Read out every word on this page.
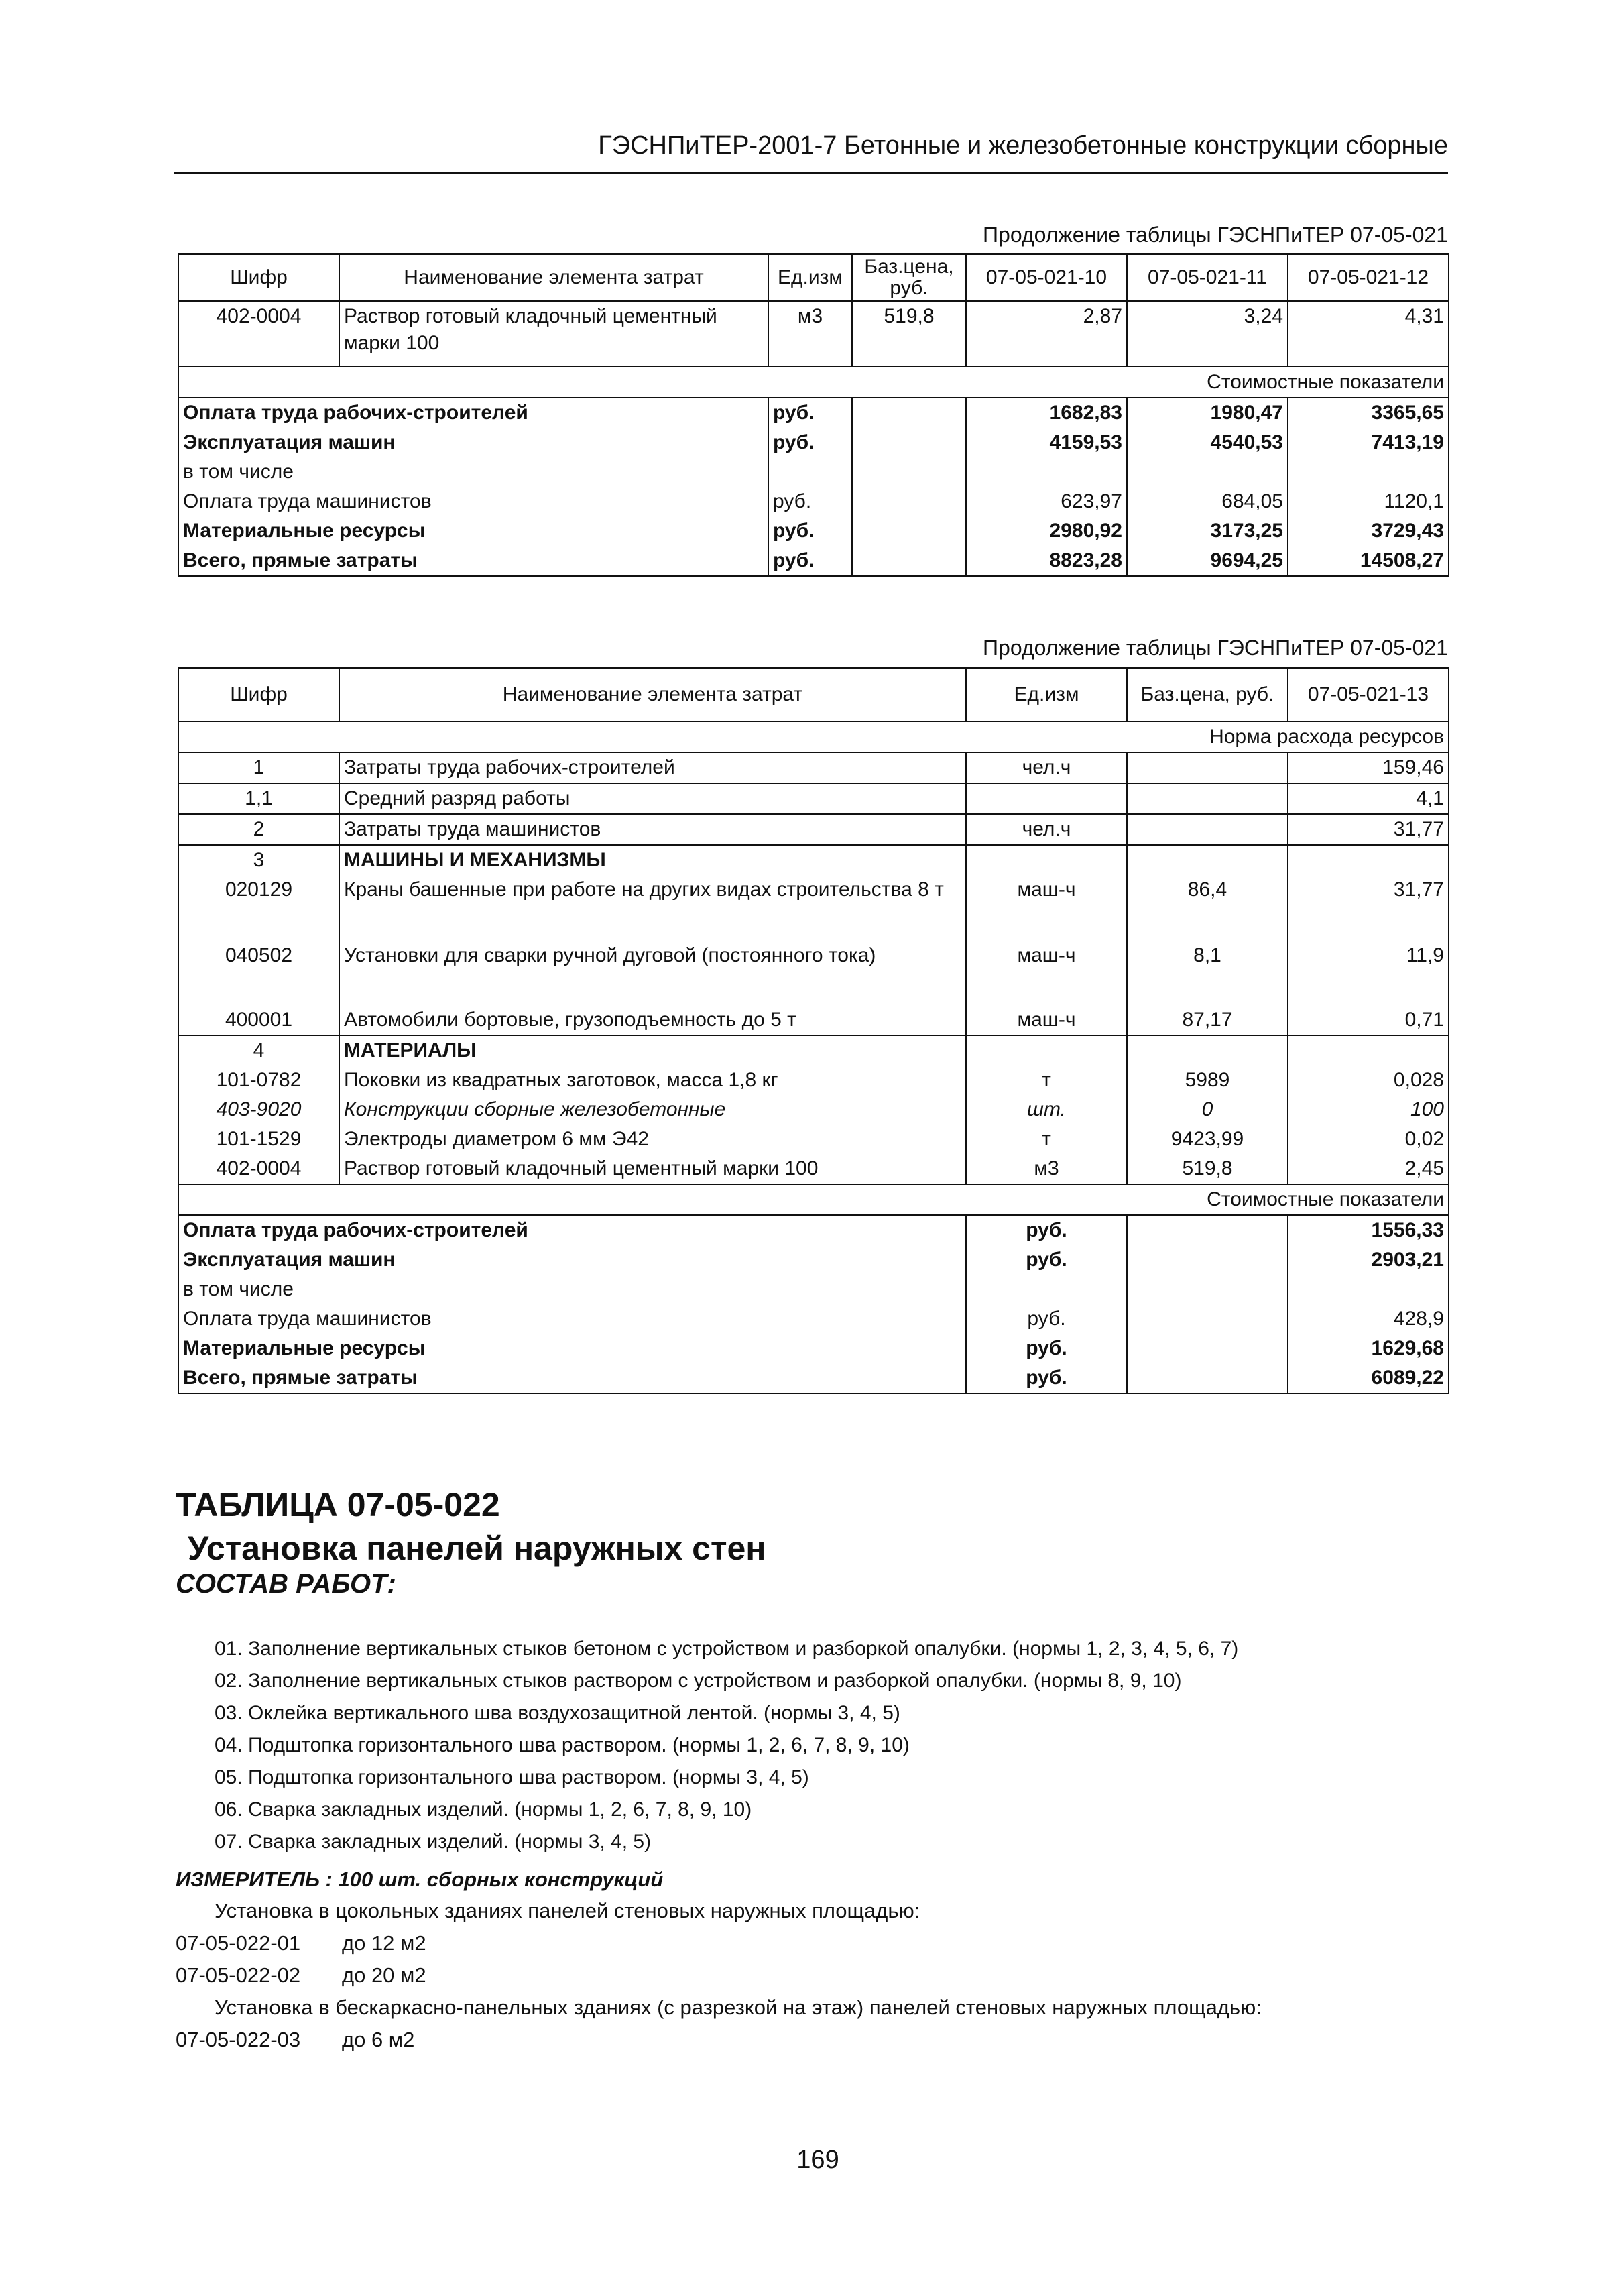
ГЭСНПиТЕР-2001-7 Бетонные и железобетонные конструкции сборные
Продолжение таблицы ГЭСНПиТЕР 07-05-021
Шифр	Наименование элемента затрат	Ед.изм	Баз.цена, руб.	07-05-021-10	07-05-021-11	07-05-021-12
402-0004	Раствор готовый кладочный цементный марки 100	м3	519,8	2,87	3,24	4,31
Стоимостные показатели						
Оплата труда рабочих-строителей		руб.		1682,83	1980,47	3365,65
Эксплуатация машин		руб.		4159,53	4540,53	7413,19
в том числе						
Оплата труда машинистов		руб.		623,97	684,05	1120,1
Материальные ресурсы		руб.		2980,92	3173,25	3729,43
Всего, прямые затраты		руб.		8823,28	9694,25	14508,27
Продолжение таблицы ГЭСНПиТЕР 07-05-021
Шифр	Наименование элемента затрат	Ед.изм	Баз.цена, руб.	07-05-021-13
Норма расхода ресурсов				
1	Затраты труда рабочих-строителей	чел.ч		159,46
1,1	Средний разряд работы			4,1
2	Затраты труда машинистов	чел.ч		31,77
3	МАШИНЫ И МЕХАНИЗМЫ			
020129	Краны башенные при работе на других видах строительства 8 т	маш-ч	86,4	31,77
040502	Установки для сварки ручной дуговой (постоянного тока)	маш-ч	8,1	11,9
400001	Автомобили бортовые, грузоподъемность до 5 т	маш-ч	87,17	0,71
4	МАТЕРИАЛЫ			
101-0782	Поковки из квадратных заготовок, масса 1,8 кг	т	5989	0,028
403-9020	Конструкции сборные железобетонные	шт.	0	100
101-1529	Электроды диаметром 6 мм Э42	т	9423,99	0,02
402-0004	Раствор готовый кладочный цементный марки 100	м3	519,8	2,45
Стоимостные показатели				
Оплата труда рабочих-строителей		руб.		1556,33
Эксплуатация машин		руб.		2903,21
в том числе				
Оплата труда машинистов		руб.		428,9
Материальные ресурсы		руб.		1629,68
Всего, прямые затраты		руб.		6089,22
ТАБЛИЦА 07-05-022
Установка панелей наружных стен
СОСТАВ РАБОТ:
01. Заполнение вертикальных стыков бетоном с устройством и разборкой опалубки. (нормы 1, 2, 3, 4, 5, 6, 7)
02. Заполнение вертикальных стыков раствором с устройством и разборкой опалубки. (нормы 8, 9, 10)
03. Оклейка вертикального шва воздухозащитной лентой. (нормы 3, 4, 5)
04. Подштопка горизонтального шва раствором. (нормы 1, 2, 6, 7, 8, 9, 10)
05. Подштопка горизонтального шва раствором. (нормы 3, 4, 5)
06. Сварка закладных изделий. (нормы 1, 2, 6, 7, 8, 9, 10)
07. Сварка закладных изделий. (нормы 3, 4, 5)
ИЗМЕРИТЕЛЬ : 100 шт. сборных конструкций
Установка в цокольных зданиях панелей стеновых наружных площадью:
07-05-022-01 до 12 м2
07-05-022-02 до 20 м2
Установка в бескаркасно-панельных зданиях (с разрезкой на этаж) панелей стеновых наружных площадью:
07-05-022-03 до 6 м2
169
